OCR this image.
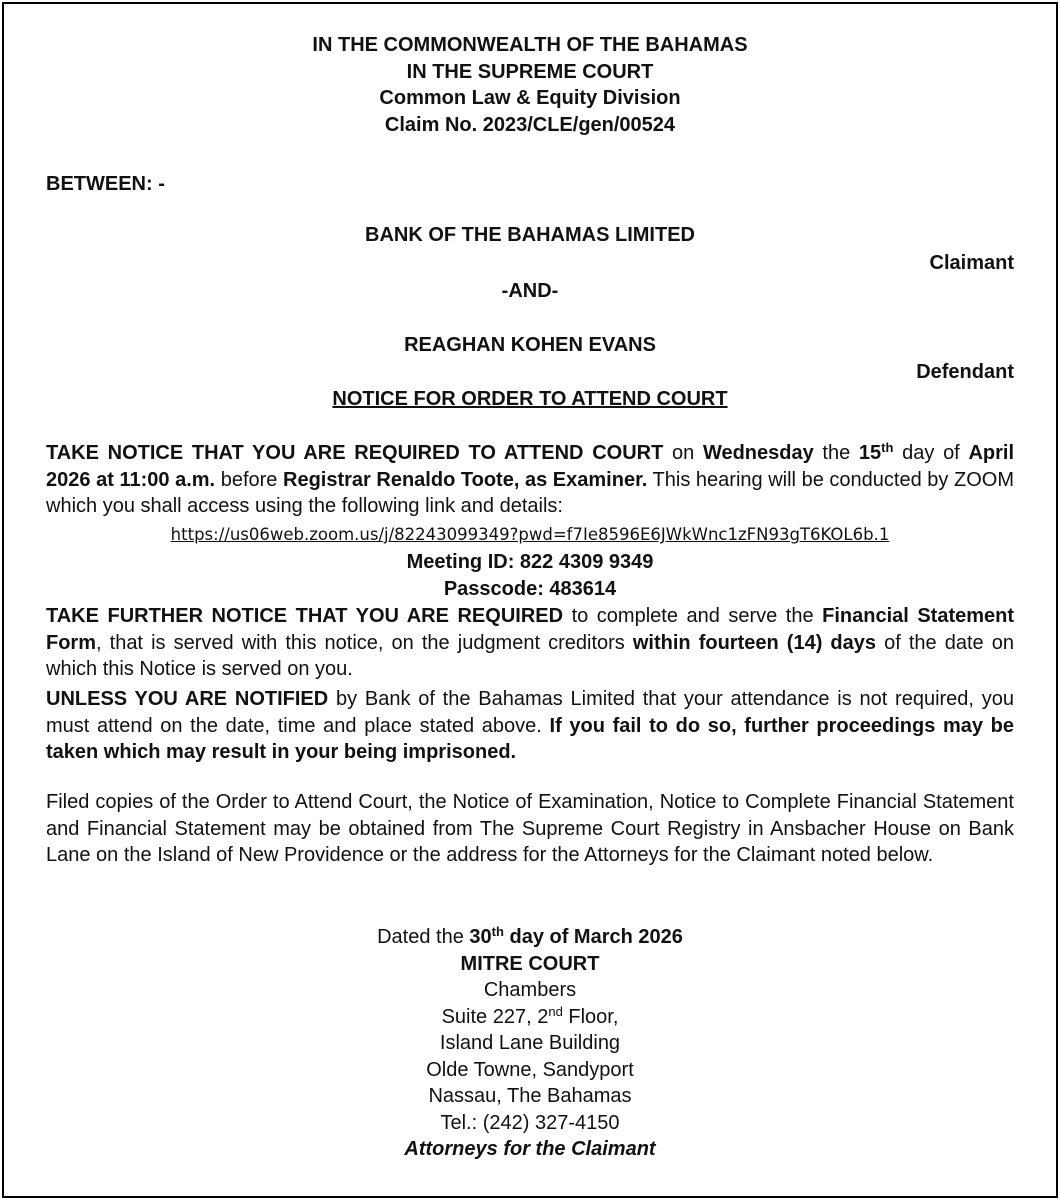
IN THE COMMONWEALTH OF THE BAHAMAS
IN THE SUPREME COURT
Common Law & Equity Division
Claim No. 2023/CLE/gen/00524
BETWEEN: -
BANK OF THE BAHAMAS LIMITED
Claimant
-AND-
REAGHAN KOHEN EVANS
Defendant
NOTICE FOR ORDER TO ATTEND COURT
TAKE NOTICE THAT YOU ARE REQUIRED TO ATTEND COURT on Wednesday the 15th day of April 2026 at 11:00 a.m. before Registrar Renaldo Toote, as Examiner. This hearing will be conducted by ZOOM which you shall access using the following link and details:
https://us06web.zoom.us/j/82243099349?pwd=f7Ie8596E6JWkWnc1zFN93gT6KOL6b.1
Meeting ID: 822 4309 9349
Passcode: 483614
TAKE FURTHER NOTICE THAT YOU ARE REQUIRED to complete and serve the Financial Statement Form, that is served with this notice, on the judgment creditors within fourteen (14) days of the date on which this Notice is served on you.
UNLESS YOU ARE NOTIFIED by Bank of the Bahamas Limited that your attendance is not required, you must attend on the date, time and place stated above. If you fail to do so, further proceedings may be taken which may result in your being imprisoned.
Filed copies of the Order to Attend Court, the Notice of Examination, Notice to Complete Financial Statement and Financial Statement may be obtained from The Supreme Court Registry in Ansbacher House on Bank Lane on the Island of New Providence or the address for the Attorneys for the Claimant noted below.
Dated the 30th day of March 2026
MITRE COURT
Chambers
Suite 227, 2nd Floor,
Island Lane Building
Olde Towne, Sandyport
Nassau, The Bahamas
Tel.: (242) 327-4150
Attorneys for the Claimant
